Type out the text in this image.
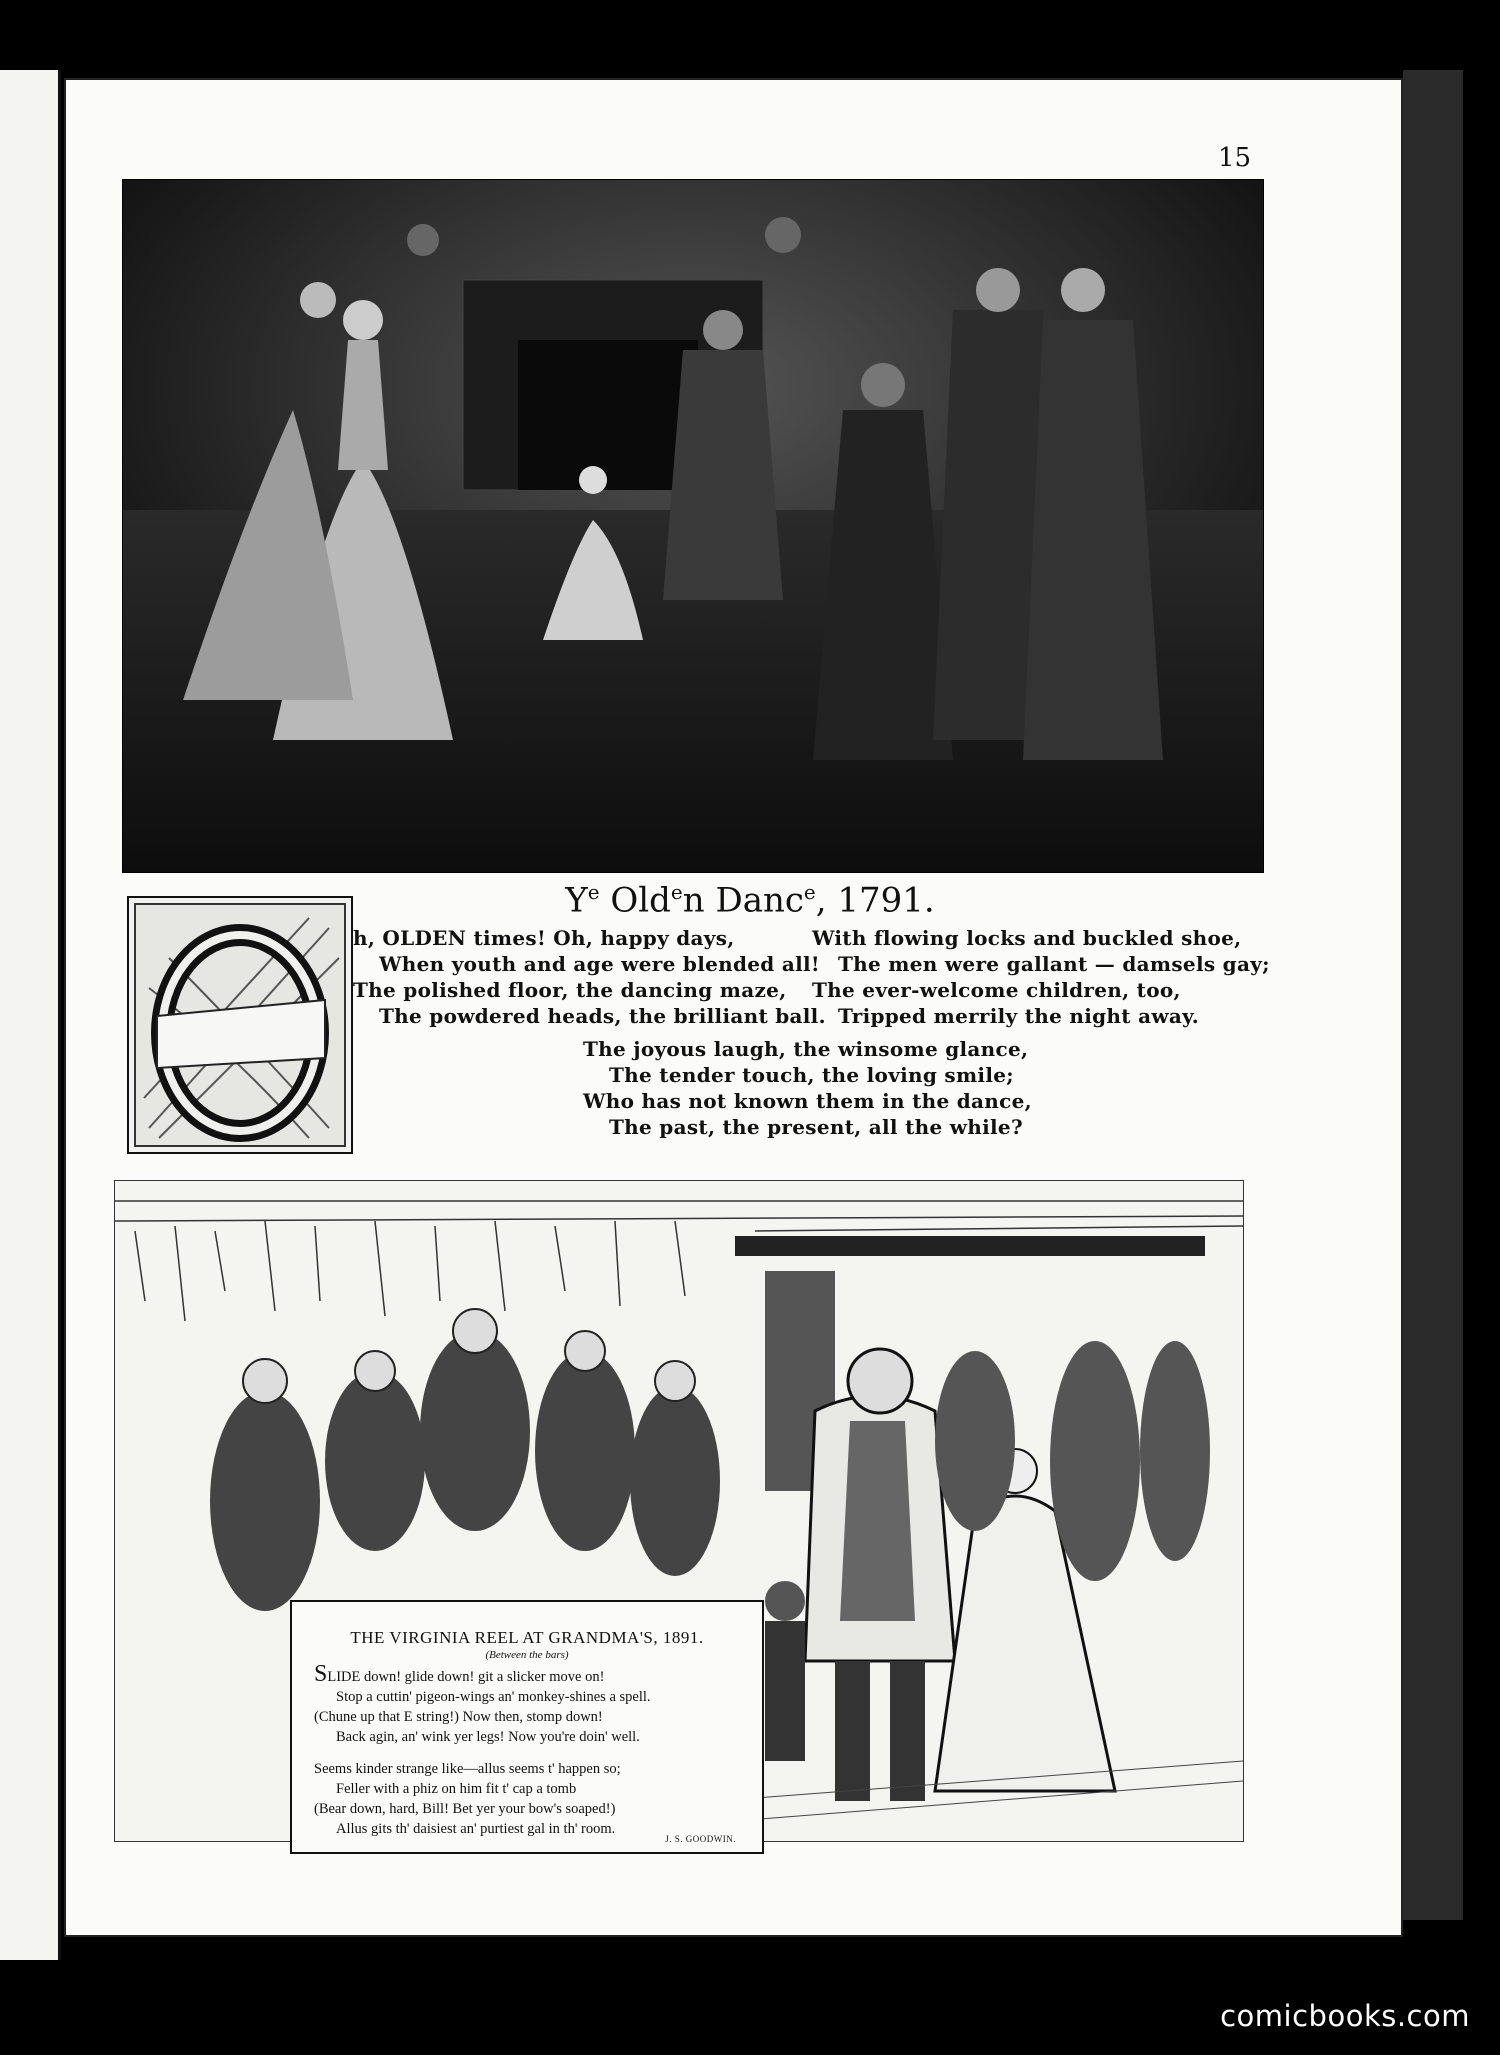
15
$Y^e$ Old$^e$n Danc$^e$, 1791.
h, OLDEN times! Oh, happy days,
When youth and age were blended all!
The polished floor, the dancing maze,
The powdered heads, the brilliant ball.
With flowing locks and buckled shoe,
The men were gallant — damsels gay;
The ever-welcome children, too,
Tripped merrily the night away.
The joyous laugh, the winsome glance,
The tender touch, the loving smile;
Who has not known them in the dance,
The past, the present, all the while?
THE VIRGINIA REEL AT GRANDMA'S, 1891.
(Between the bars)
SLIDE down! glide down! git a slicker move on!
Stop a cuttin' pigeon-wings an' monkey-shines a spell.
(Chune up that E string!) Now then, stomp down!
Back agin, an' wink yer legs! Now you're doin' well.
Seems kinder strange like—allus seems t' happen so;
Feller with a phiz on him fit t' cap a tomb
(Bear down, hard, Bill! Bet yer your bow's soaped!)
Allus gits th' daisiest an' purtiest gal in th' room.
J. S. GOODWIN.
comicbooks.com
